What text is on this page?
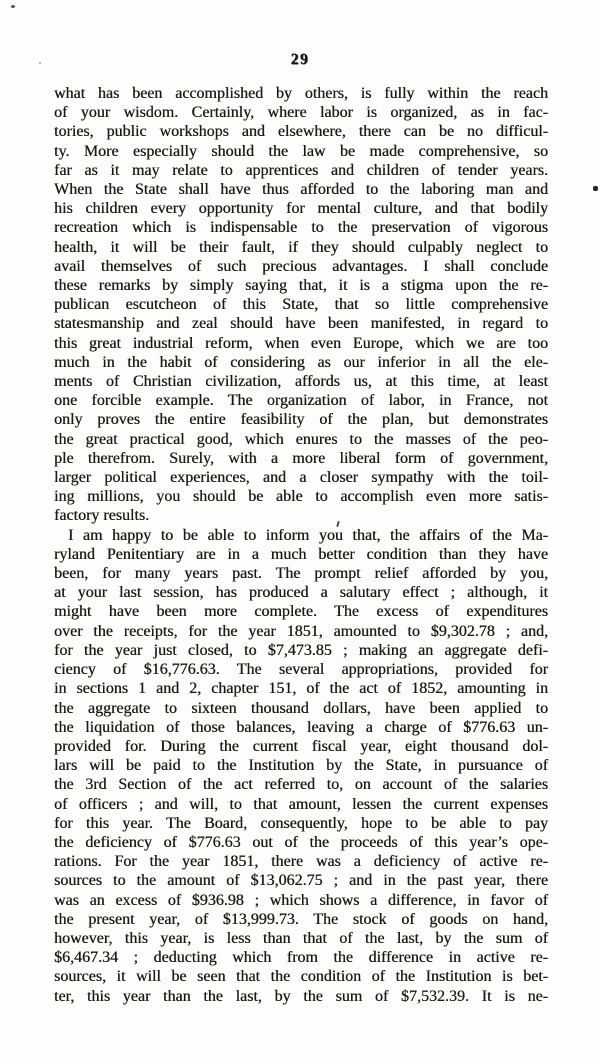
29
what has been accomplished by others, is fully within the reach
of your wisdom. Certainly, where labor is organized, as in fac-
tories, public workshops and elsewhere, there can be no difficul-
ty. More especially should the law be made comprehensive, so
far as it may relate to apprentices and children of tender years.
When the State shall have thus afforded to the laboring man and
his children every opportunity for mental culture, and that bodily
recreation which is indispensable to the preservation of vigorous
health, it will be their fault, if they should culpably neglect to
avail themselves of such precious advantages. I shall conclude
these remarks by simply saying that, it is a stigma upon the re-
publican escutcheon of this State, that so little comprehensive
statesmanship and zeal should have been manifested, in regard to
this great industrial reform, when even Europe, which we are too
much in the habit of considering as our inferior in all the ele-
ments of Christian civilization, affords us, at this time, at least
one forcible example. The organization of labor, in France, not
only proves the entire feasibility of the plan, but demonstrates
the great practical good, which enures to the masses of the peo-
ple therefrom. Surely, with a more liberal form of government,
larger political experiences, and a closer sympathy with the toil-
ing millions, you should be able to accomplish even more satis-
factory results.
I am happy to be able to inform you that, the affairs of the Ma-
ryland Penitentiary are in a much better condition than they have
been, for many years past. The prompt relief afforded by you,
at your last session, has produced a salutary effect ; although, it
might have been more complete. The excess of expenditures
over the receipts, for the year 1851, amounted to $9,302.78 ; and,
for the year just closed, to $7,473.85 ; making an aggregate defi-
ciency of $16,776.63. The several appropriations, provided for
in sections 1 and 2, chapter 151, of the act of 1852, amounting in
the aggregate to sixteen thousand dollars, have been applied to
the liquidation of those balances, leaving a charge of $776.63 un-
provided for. During the current fiscal year, eight thousand dol-
lars will be paid to the Institution by the State, in pursuance of
the 3rd Section of the act referred to, on account of the salaries
of officers ; and will, to that amount, lessen the current expenses
for this year. The Board, consequently, hope to be able to pay
the deficiency of $776.63 out of the proceeds of this year’s ope-
rations. For the year 1851, there was a deficiency of active re-
sources to the amount of $13,062.75 ; and in the past year, there
was an excess of $936.98 ; which shows a difference, in favor of
the present year, of $13,999.73. The stock of goods on hand,
however, this year, is less than that of the last, by the sum of
$6,467.34 ; deducting which from the difference in active re-
sources, it will be seen that the condition of the Institution is bet-
ter, this year than the last, by the sum of $7,532.39. It is ne-
